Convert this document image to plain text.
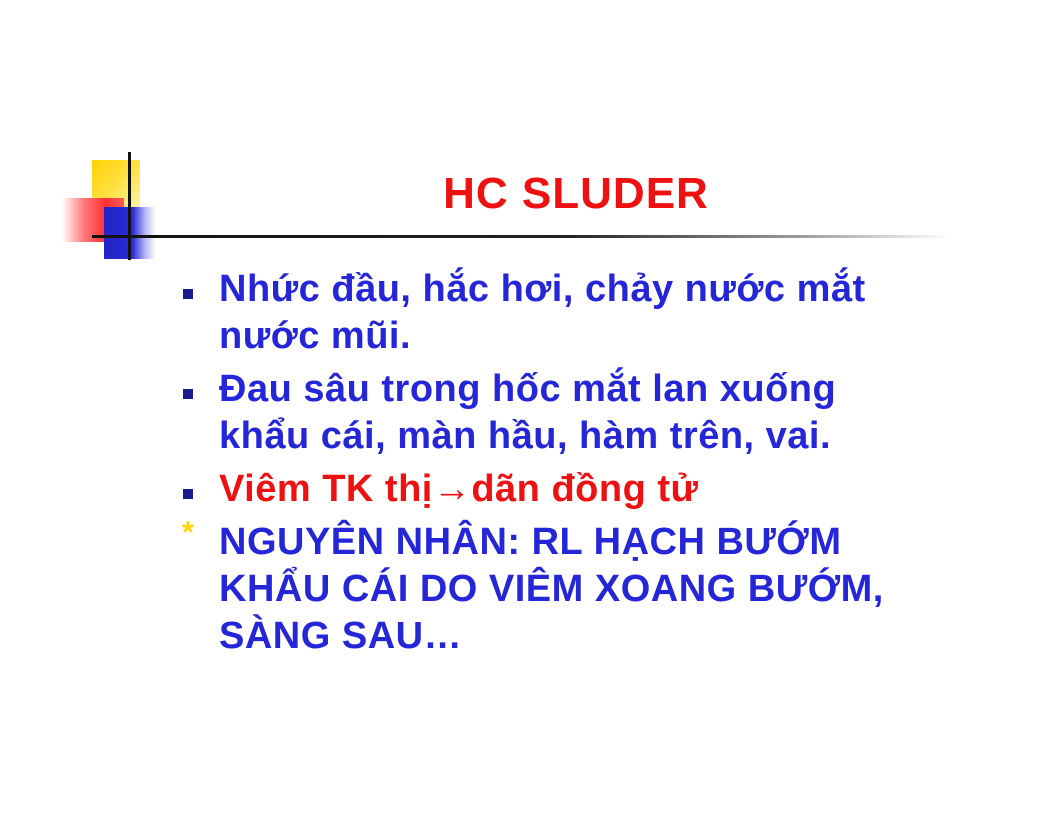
HC SLUDER
Nhức đầu, hắc hơi, chảy nước mắt
nước mũi.
Đau sâu trong hốc mắt lan xuống
khẩu cái, màn hầu, hàm trên, vai.
Viêm TK thị→dãn đồng tử
* NGUYÊN NHÂN: RL HẠCH BƯỚM
KHẨU CÁI DO VIÊM XOANG BƯỚM,
SÀNG SAU…
